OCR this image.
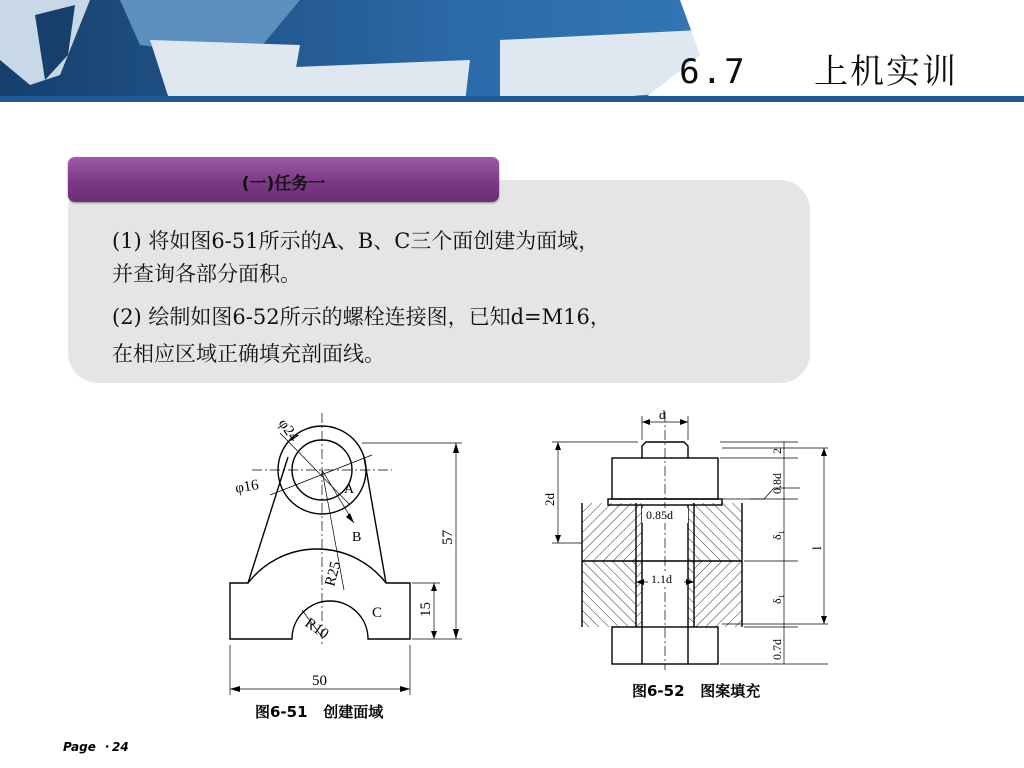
6.7   上机实训
(一)任务一
(1) 将如图6-51所示的A、B、C三个面创建为面域，
并查询各部分面积。
(2) 绘制如图6-52所示的螺栓连接图，已知d=M16，
在相应区域正确填充剖面线。
φ24
φ16	A
B
C
R25
R10
57
15
50
图6-51   创建面域
d
2d
0.85d
1.1d
2
0.8d
δ₁
δ₁
0.7d
l
图6-52   图案填充
Page ・24
